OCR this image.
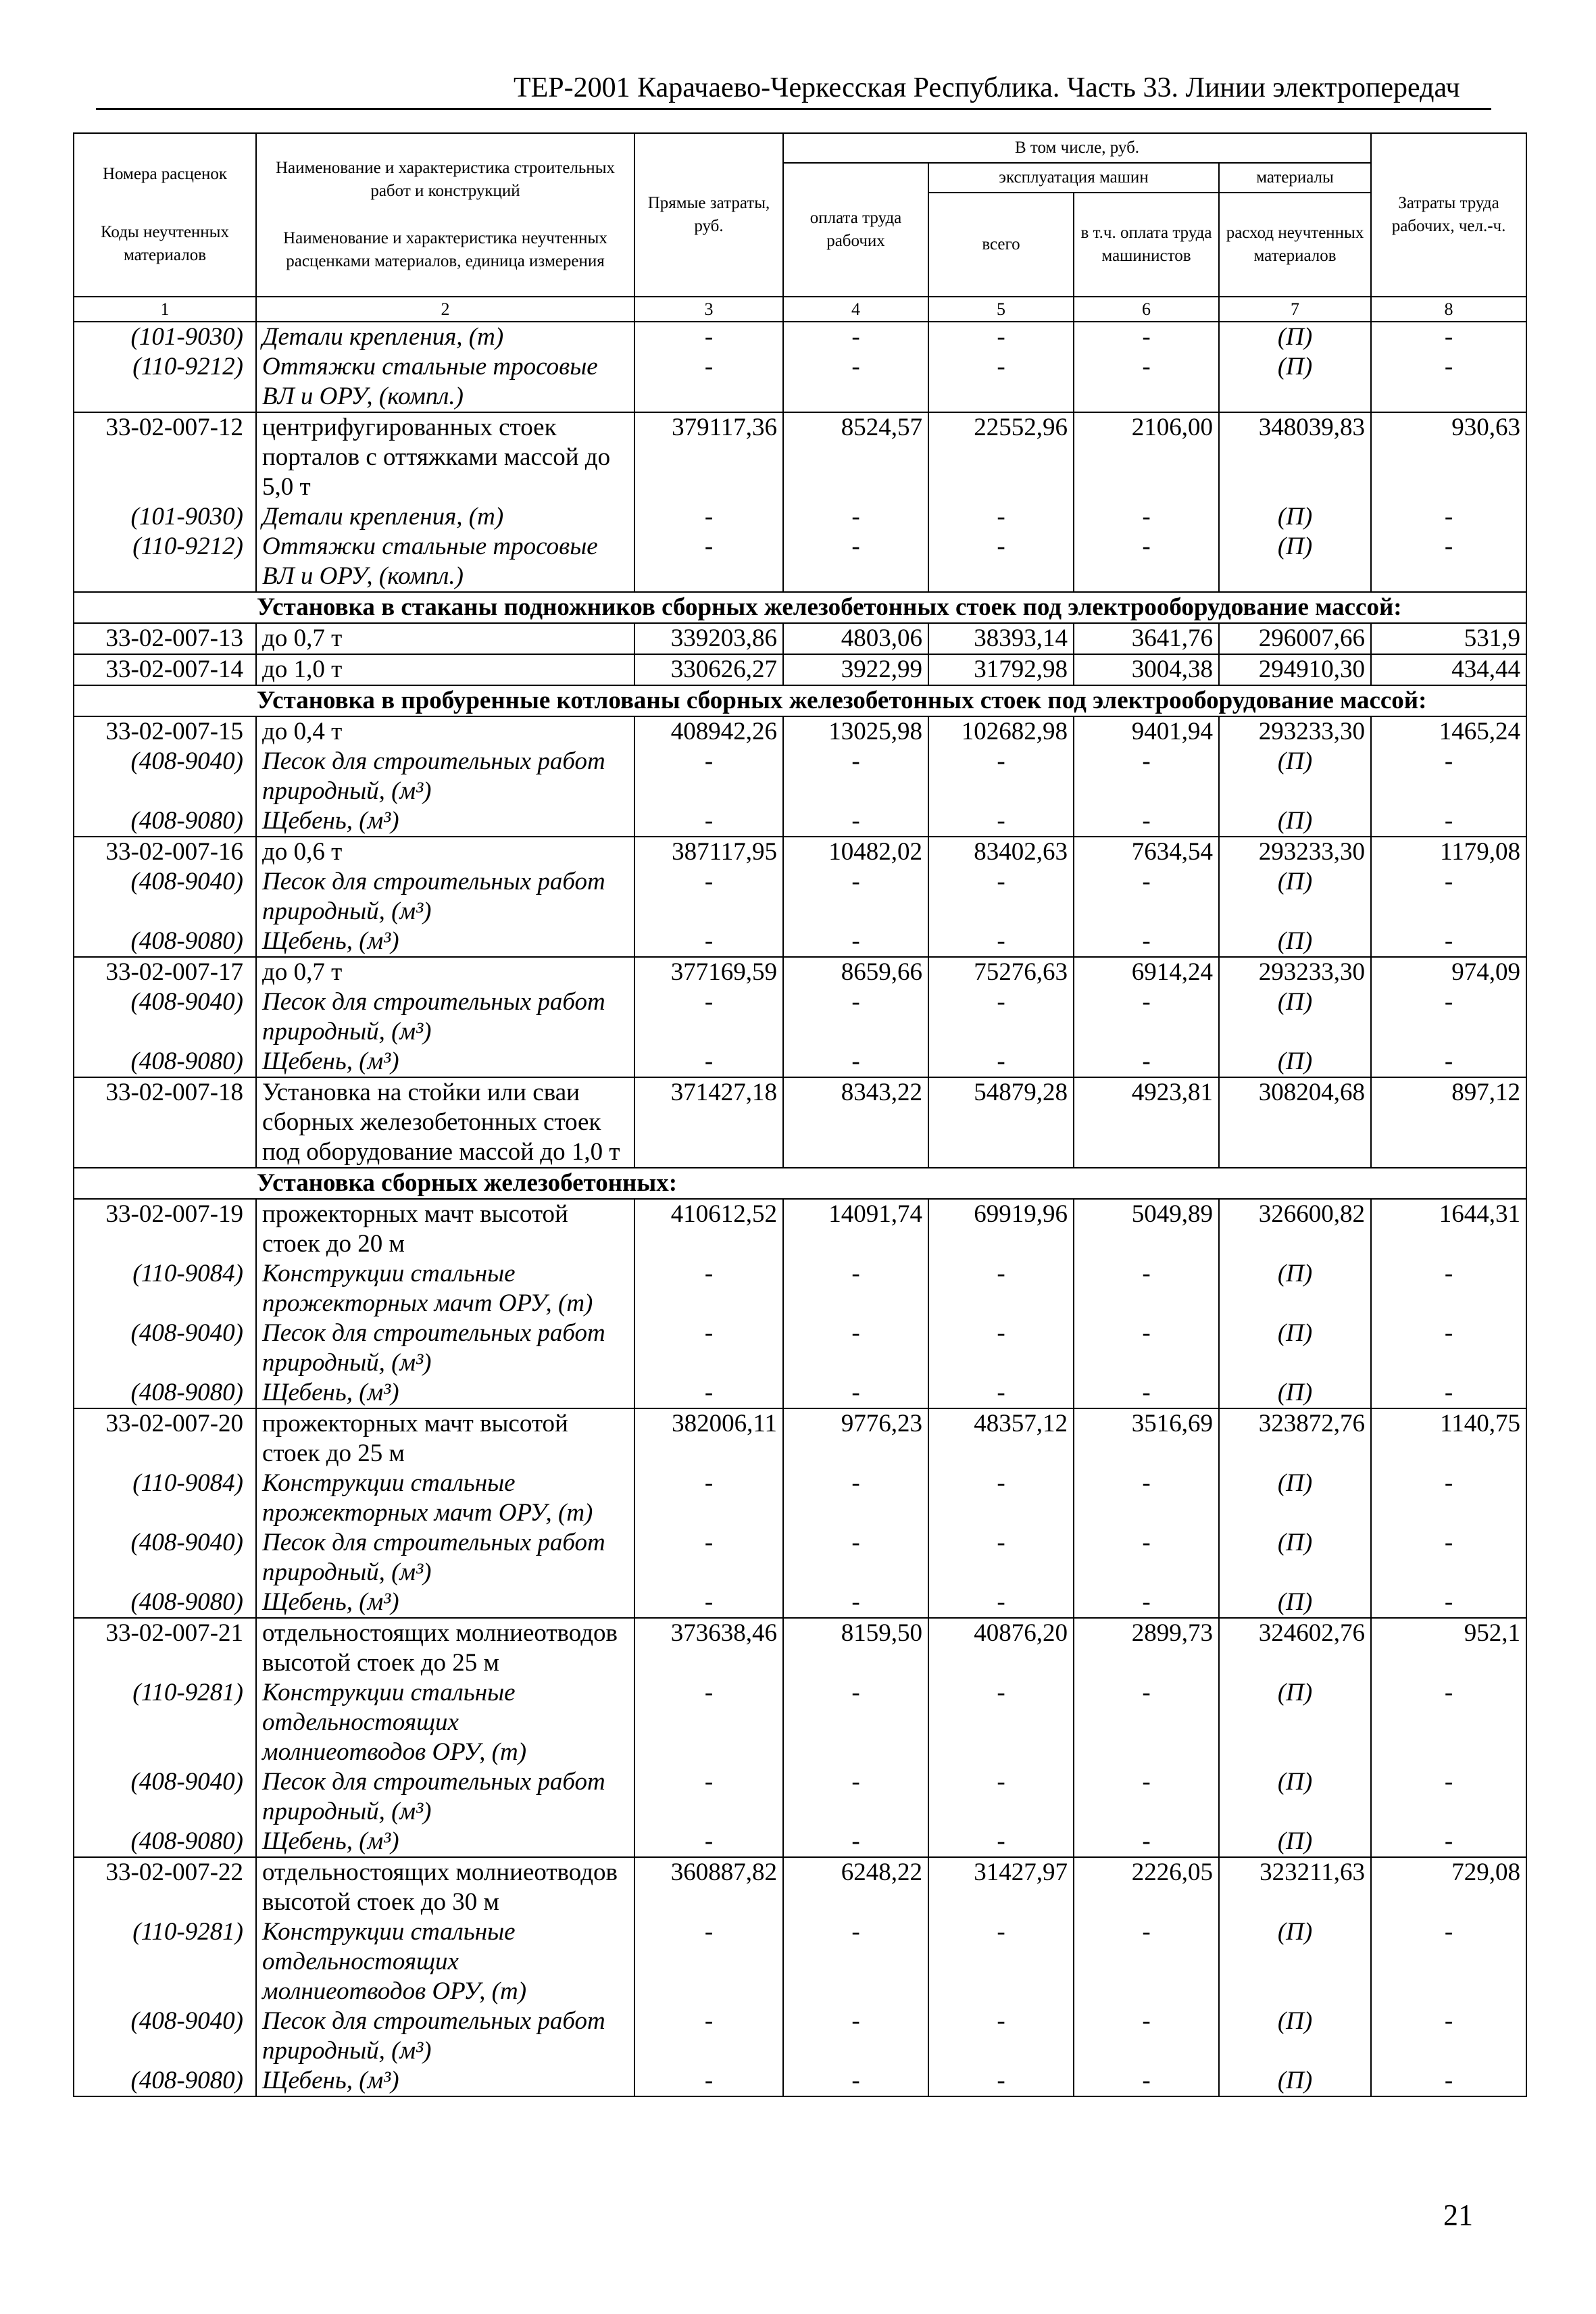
ТЕР-2001 Карачаево-Черкесская Республика. Часть 33. Линии электропередач
Номера расценок
Коды неучтенных материалов	Наименование и характеристика строительных работ и конструкций
Наименование и характеристика неучтенных расценками материалов, единица измерения	Прямые затраты, руб.	В том числе, руб.				Затраты труда рабочих, чел.-ч.
			оплата труда рабочих	эксплуатация машин		материалы	
				всего	в т.ч. оплата труда машинистов	расход неучтенных материалов	
1	2	3	4	5	6	7	8
(101-9030)	Детали крепления, (т)	-	-	-	-	(П)	-
(110-9212)	Оттяжки стальные тросовые ВЛ и ОРУ, (компл.)	-	-	-	-	(П)	-
33-02-007-12	центрифугированных стоек порталов с оттяжками массой до 5,0 т	379117,36	8524,57	22552,96	2106,00	348039,83	930,63
(101-9030)	Детали крепления, (т)	-	-	-	-	(П)	-
(110-9212)	Оттяжки стальные тросовые ВЛ и ОРУ, (компл.)	-	-	-	-	(П)	-
Установка в стаканы подножников сборных железобетонных стоек под электрооборудование массой:							
33-02-007-13	до 0,7 т	339203,86	4803,06	38393,14	3641,76	296007,66	531,9
33-02-007-14	до 1,0 т	330626,27	3922,99	31792,98	3004,38	294910,30	434,44
Установка в пробуренные котлованы сборных железобетонных стоек под электрооборудование массой:							
33-02-007-15	до 0,4 т	408942,26	13025,98	102682,98	9401,94	293233,30	1465,24
(408-9040)	Песок для строительных работ природный, (м³)	-	-	-	-	(П)	-
(408-9080)	Щебень, (м³)	-	-	-	-	(П)	-
33-02-007-16	до 0,6 т	387117,95	10482,02	83402,63	7634,54	293233,30	1179,08
(408-9040)	Песок для строительных работ природный, (м³)	-	-	-	-	(П)	-
(408-9080)	Щебень, (м³)	-	-	-	-	(П)	-
33-02-007-17	до 0,7 т	377169,59	8659,66	75276,63	6914,24	293233,30	974,09
(408-9040)	Песок для строительных работ природный, (м³)	-	-	-	-	(П)	-
(408-9080)	Щебень, (м³)	-	-	-	-	(П)	-
33-02-007-18	Установка на стойки или сваи сборных железобетонных стоек под оборудование массой до 1,0 т	371427,18	8343,22	54879,28	4923,81	308204,68	897,12
Установка сборных железобетонных:							
33-02-007-19	прожекторных мачт высотой стоек до 20 м	410612,52	14091,74	69919,96	5049,89	326600,82	1644,31
(110-9084)	Конструкции стальные прожекторных мачт ОРУ, (т)	-	-	-	-	(П)	-
(408-9040)	Песок для строительных работ природный, (м³)	-	-	-	-	(П)	-
(408-9080)	Щебень, (м³)	-	-	-	-	(П)	-
33-02-007-20	прожекторных мачт высотой стоек до 25 м	382006,11	9776,23	48357,12	3516,69	323872,76	1140,75
(110-9084)	Конструкции стальные прожекторных мачт ОРУ, (т)	-	-	-	-	(П)	-
(408-9040)	Песок для строительных работ природный, (м³)	-	-	-	-	(П)	-
(408-9080)	Щебень, (м³)	-	-	-	-	(П)	-
33-02-007-21	отдельностоящих молниеотводов высотой стоек до 25 м	373638,46	8159,50	40876,20	2899,73	324602,76	952,1
(110-9281)	Конструкции стальные отдельностоящих молниеотводов ОРУ, (т)	-	-	-	-	(П)	-
(408-9040)	Песок для строительных работ природный, (м³)	-	-	-	-	(П)	-
(408-9080)	Щебень, (м³)	-	-	-	-	(П)	-
33-02-007-22	отдельностоящих молниеотводов высотой стоек до 30 м	360887,82	6248,22	31427,97	2226,05	323211,63	729,08
(110-9281)	Конструкции стальные отдельностоящих молниеотводов ОРУ, (т)	-	-	-	-	(П)	-
(408-9040)	Песок для строительных работ природный, (м³)	-	-	-	-	(П)	-
(408-9080)	Щебень, (м³)	-	-	-	-	(П)	-
21
